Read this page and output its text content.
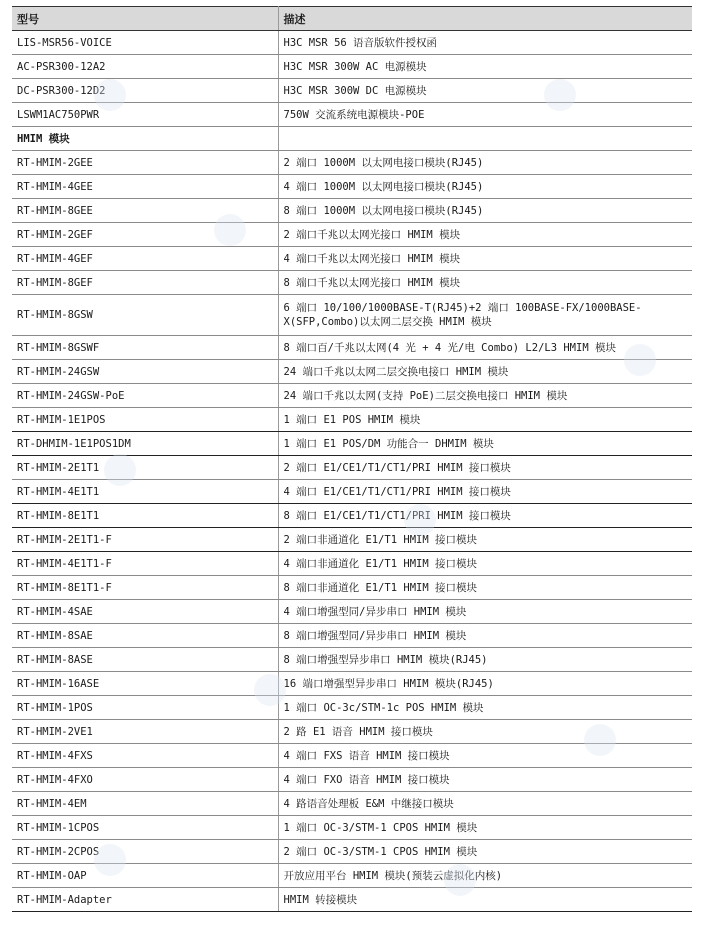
型号	描述
LIS-MSR56-VOICE	H3C MSR 56 语音版软件授权函
AC-PSR300-12A2	H3C MSR 300W AC 电源模块
DC-PSR300-12D2	H3C MSR 300W DC 电源模块
LSWM1AC750PWR	750W 交流系统电源模块-POE
HMIM 模块	
RT-HMIM-2GEE	2 端口 1000M 以太网电接口模块(RJ45)
RT-HMIM-4GEE	4 端口 1000M 以太网电接口模块(RJ45)
RT-HMIM-8GEE	8 端口 1000M 以太网电接口模块(RJ45)
RT-HMIM-2GEF	2 端口千兆以太网光接口 HMIM 模块
RT-HMIM-4GEF	4 端口千兆以太网光接口 HMIM 模块
RT-HMIM-8GEF	8 端口千兆以太网光接口 HMIM 模块
RT-HMIM-8GSW	6 端口 10/100/1000BASE-T(RJ45)+2 端口 100BASE-FX/1000BASE-X(SFP,Combo)以太网二层交换 HMIM 模块
RT-HMIM-8GSWF	8 端口百/千兆以太网(4 光 + 4 光/电 Combo) L2/L3 HMIM 模块
RT-HMIM-24GSW	24 端口千兆以太网二层交换电接口 HMIM 模块
RT-HMIM-24GSW-PoE	24 端口千兆以太网(支持 PoE)二层交换电接口 HMIM 模块
RT-HMIM-1E1POS	1 端口 E1 POS HMIM 模块
RT-DHMIM-1E1POS1DM	1 端口 E1 POS/DM 功能合一 DHMIM 模块
RT-HMIM-2E1T1	2 端口 E1/CE1/T1/CT1/PRI HMIM 接口模块
RT-HMIM-4E1T1	4 端口 E1/CE1/T1/CT1/PRI HMIM 接口模块
RT-HMIM-8E1T1	8 端口 E1/CE1/T1/CT1/PRI HMIM 接口模块
RT-HMIM-2E1T1-F	2 端口非通道化 E1/T1 HMIM 接口模块
RT-HMIM-4E1T1-F	4 端口非通道化 E1/T1 HMIM 接口模块
RT-HMIM-8E1T1-F	8 端口非通道化 E1/T1 HMIM 接口模块
RT-HMIM-4SAE	4 端口增强型同/异步串口 HMIM 模块
RT-HMIM-8SAE	8 端口增强型同/异步串口 HMIM 模块
RT-HMIM-8ASE	8 端口增强型异步串口 HMIM 模块(RJ45)
RT-HMIM-16ASE	16 端口增强型异步串口 HMIM 模块(RJ45)
RT-HMIM-1POS	1 端口 OC-3c/STM-1c POS HMIM 模块
RT-HMIM-2VE1	2 路 E1 语音 HMIM 接口模块
RT-HMIM-4FXS	4 端口 FXS 语音 HMIM 接口模块
RT-HMIM-4FXO	4 端口 FXO 语音 HMIM 接口模块
RT-HMIM-4EM	4 路语音处理板 E&M 中继接口模块
RT-HMIM-1CPOS	1 端口 OC-3/STM-1 CPOS HMIM 模块
RT-HMIM-2CPOS	2 端口 OC-3/STM-1 CPOS HMIM 模块
RT-HMIM-OAP	开放应用平台 HMIM 模块(预装云虚拟化内核)
RT-HMIM-Adapter	HMIM 转接模块
